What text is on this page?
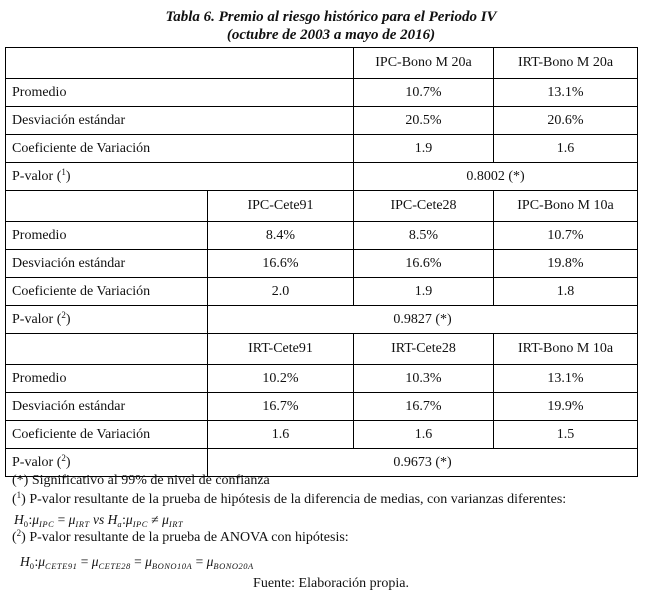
Tabla 6. Premio al riesgo histórico para el Periodo IV
(octubre de 2003 a mayo de 2016)
		IPC-Bono M 20a	IRT-Bono M 20a
Promedio		10.7%	13.1%
Desviación estándar		20.5%	20.6%
Coeficiente de Variación		1.9	1.6
P-valor ($^1$)		0.8002 (*)	
	IPC-Cete91	IPC-Cete28	IPC-Bono M 10a
Promedio	8.4%	8.5%	10.7%
Desviación estándar	16.6%	16.6%	19.8%
Coeficiente de Variación	2.0	1.9	1.8
P-valor ($^2$)	0.9827 (*)		
	IRT-Cete91	IRT-Cete28	IRT-Bono M 10a
Promedio	10.2%	10.3%	13.1%
Desviación estándar	16.7%	16.7%	19.9%
Coeficiente de Variación	1.6	1.6	1.5
P-valor ($^2$)	0.9673 (*)		
(*) Significativo al 99% de nivel de confianza
($^1$) P-valor resultante de la prueba de hipótesis de la diferencia de medias, con varianzas diferentes:
$H_0:\mu_{IPC} = \mu_{IRT}$ vs $H_a:\mu_{IPC} \ne \mu_{IRT}$
($^2$) P-valor resultante de la prueba de ANOVA con hipótesis:
$H_0:\mu_{CETE91} = \mu_{CETE28} = \mu_{BONO10A} = \mu_{BONO20A}$
Fuente: Elaboración propia.
